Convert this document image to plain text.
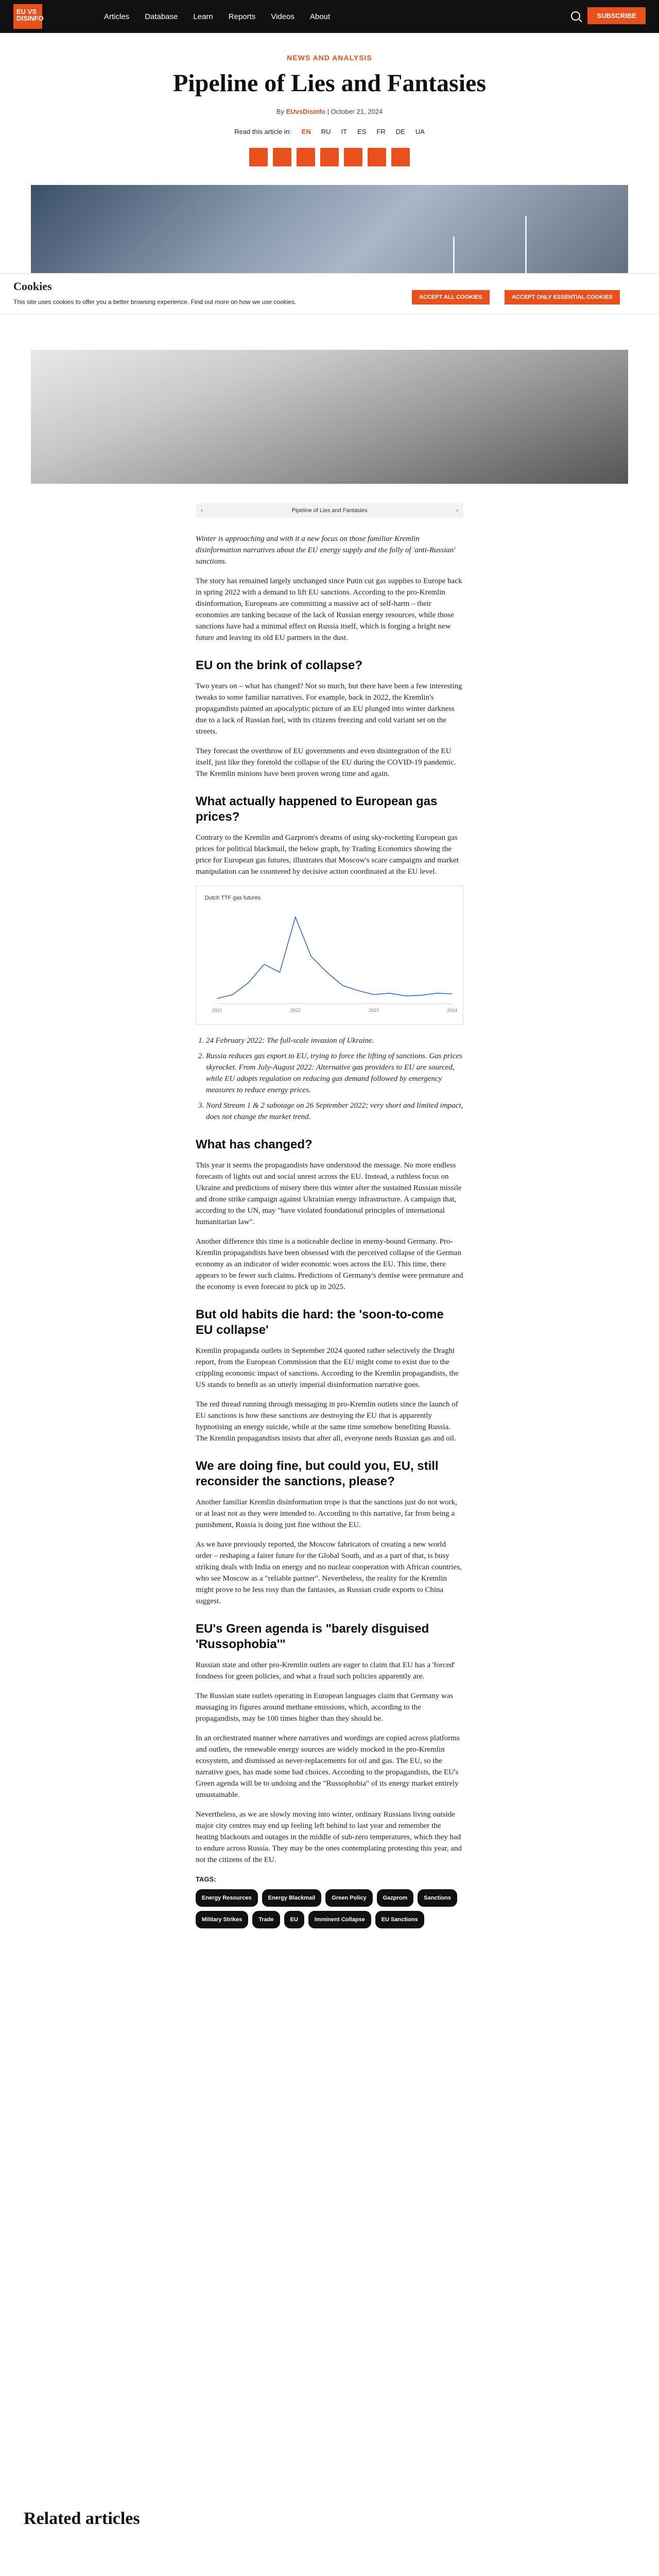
EU VS DISINFO	Articles Database Learn Reports Videos About	SUBSCRIBE
NEWS AND ANALYSIS
Pipeline of Lies and Fantasies
By EUvsDisinfo | October 21, 2024
Read this article in: EN RU IT ES FR DE UA
Cookies

This site uses cookies to offer you a better browsing experience. Find out more on how we use cookies.

ACCEPT ALL COOKIES	ACCEPT ONLY ESSENTIAL COOKIES
‹	Pipeline of Lies and Fantasies	›

Winter is approaching and with it a new focus on those familiar Kremlin disinformation narratives about the EU energy supply and the folly of 'anti-Russian' sanctions.

The story has remained largely unchanged since Putin cut gas supplies to Europe back in spring 2022 with a demand to lift EU sanctions. According to the pro-Kremlin disinformation, Europeans are committing a massive act of self-harm – their economies are tanking because of the lack of Russian energy resources, while those sanctions have had a minimal effect on Russia itself, which is forging a bright new future and leaving its old EU partners in the dust.

EU on the brink of collapse?

Two years on – what has changed? Not so much, but there have been a few interesting tweaks to some familiar narratives. For example, back in 2022, the Kremlin's propagandists painted an apocalyptic picture of an EU plunged into winter darkness due to a lack of Russian fuel, with its citizens freezing and cold variant set on the streets.

They forecast the overthrow of EU governments and even disintegration of the EU itself, just like they foretold the collapse of the EU during the COVID-19 pandemic. The Kremlin minions have been proven wrong time and again.

What actually happened to European gas prices?

Contrary to the Kremlin and Gazprom's dreams of using sky-rocketing European gas prices for political blackmail, the below graph, by Trading Economics showing the price for European gas futures, illustrates that Moscow's scare campaigns and market manipulation can be countered by decisive action coordinated at the EU level.

Dutch TTF gas futures
2021	2022	2023	2024
1. 24 February 2022: The full-scale invasion of Ukraine.
2. Russia reduces gas export to EU, trying to force the lifting of sanctions. Gas prices skyrocket. From July-August 2022: Alternative gas providers to EU are sourced, while EU adopts regulation on reducing gas demand followed by emergency measures to reduce energy prices.
3. Nord Stream 1 & 2 sabotage on 26 September 2022; very short and limited impact, does not change the market trend.
What has changed?

This year it seems the propagandists have understood the message. No more endless forecasts of lights out and social unrest across the EU. Instead, a ruthless focus on Ukraine and predictions of misery there this winter after the sustained Russian missile and drone strike campaign against Ukrainian energy infrastructure. A campaign that, according to the UN, may "have violated foundational principles of international humanitarian law".

Another difference this time is a noticeable decline in enemy-bound Germany. Pro-Kremlin propagandists have been obsessed with the perceived collapse of the German economy as an indicator of wider economic woes across the EU. This time, there appears to be fewer such claims. Predictions of Germany's demise were premature and the economy is even forecast to pick up in 2025.

But old habits die hard: the 'soon-to-come EU collapse'

Kremlin propaganda outlets in September 2024 quoted rather selectively the Draghi report, from the European Commission that the EU might come to exist due to the crippling economic impact of sanctions. According to the Kremlin propagandists, the US stands to benefit as an utterly imperial disinformation narrative goes.

The red thread running through messaging in pro-Kremlin outlets since the launch of EU sanctions is how these sanctions are destroying the EU that is apparently hypnotising an energy suicide, while at the same time somehow benefiting Russia. The Kremlin propagandists insists that after all, everyone needs Russian gas and oil.

We are doing fine, but could you, EU, still reconsider the sanctions, please?

Another familiar Kremlin disinformation trope is that the sanctions just do not work, or at least not as they were intended to. According to this narrative, far from being a punishment, Russia is doing just fine without the EU.

As we have previously reported, the Moscow fabricators of creating a new world order – reshaping a fairer future for the Global South, and as a part of that, is busy striking deals with India on energy and no nuclear cooperation with African countries, who see Moscow as a "reliable partner". Nevertheless, the reality for the Kremlin might prove to be less rosy than the fantasies, as Russian crude exports to China suggest.

EU's Green agenda is "barely disguised 'Russophobia'"

Russian state and other pro-Kremlin outlets are eager to claim that EU has a 'forced' fondness for green policies, and what a fraud such policies apparently are.

The Russian state outlets operating in European languages claim that Germany was massaging its figures around methane emissions, which, according to the propagandists, may be 100 times higher than they should be.

In an orchestrated manner where narratives and wordings are copied across platforms and outlets, the renewable energy sources are widely mocked in the pro-Kremlin ecosystem, and dismissed as never-replacements for oil and gas. The EU, so the narrative goes, has made some bad choices. According to the propagandists, the EU's Green agenda will be to undoing and the "Russophobia" of its energy market entirely unsustainable.

Nevertheless, as we are slowly moving into winter, ordinary Russians living outside major city centres may end up feeling left behind to last year and remember the heating blackouts and outages in the middle of sub-zero temperatures, which they had to endure across Russia. They may be the ones contemplating protesting this year, and not the citizens of the EU.

TAGS:
Energy Resources	Energy Blackmail	Green Policy	Gazprom	Sanctions
Military Strikes	Trade	EU	Imminent Collapse	EU Sanctions
Related articles
